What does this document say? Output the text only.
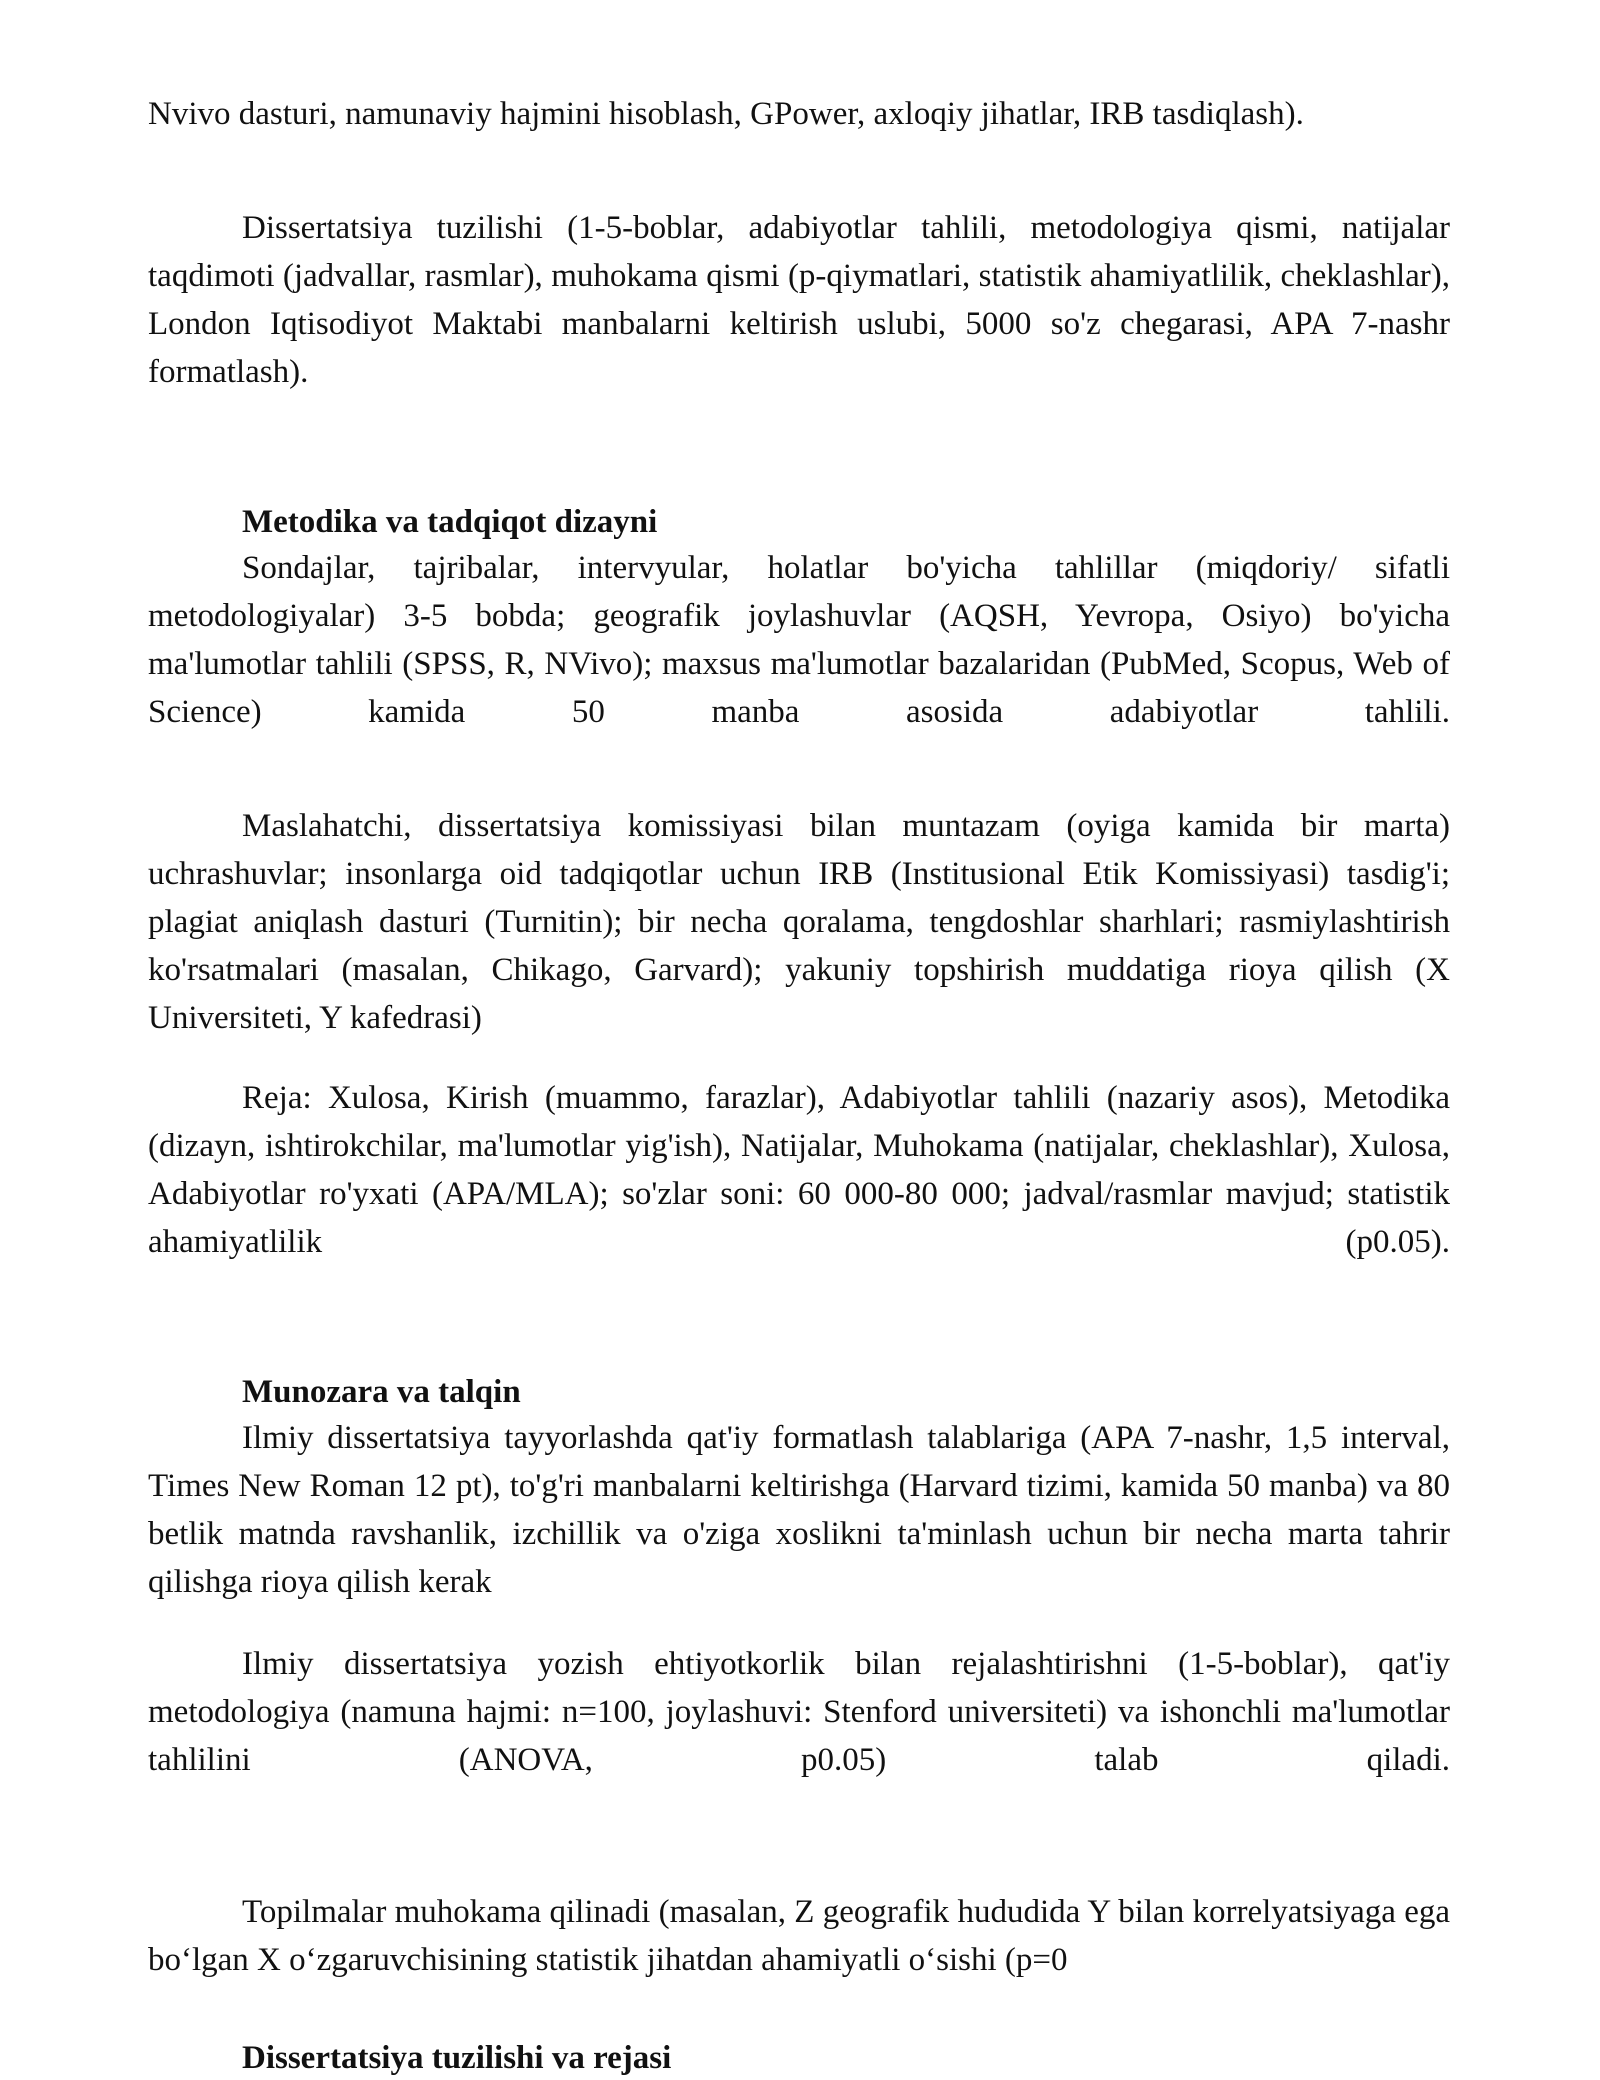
Nvivo dasturi, namunaviy hajmini hisoblash, GPower, axloqiy jihatlar, IRB tasdiqlash).

Dissertatsiya tuzilishi (1-5-boblar, adabiyotlar tahlili, metodologiya qismi, natijalar taqdimoti (jadvallar, rasmlar), muhokama qismi (p-qiymatlari, statistik ahamiyatlilik, cheklashlar), London Iqtisodiyot Maktabi manbalarni keltirish uslubi, 5000 so'z chegarasi, APA 7-nashr formatlash).

Metodika va tadqiqot dizayni

Sondajlar, tajribalar, intervyular, holatlar bo'yicha tahlillar (miqdoriy/ sifatli metodologiyalar) 3-5 bobda; geografik joylashuvlar (AQSH, Yevropa, Osiyo) bo'yicha ma'lumotlar tahlili (SPSS, R, NVivo); maxsus ma'lumotlar bazalaridan (PubMed, Scopus, Web of Science) kamida 50 manba asosida adabiyotlar tahlili.

Maslahatchi, dissertatsiya komissiyasi bilan muntazam (oyiga kamida bir marta) uchrashuvlar; insonlarga oid tadqiqotlar uchun IRB (Institusional Etik Komissiyasi) tasdig'i; plagiat aniqlash dasturi (Turnitin); bir necha qoralama, tengdoshlar sharhlari; rasmiylashtirish ko'rsatmalari (masalan, Chikago, Garvard); yakuniy topshirish muddatiga rioya qilish (X Universiteti, Y kafedrasi)

Reja: Xulosa, Kirish (muammo, farazlar), Adabiyotlar tahlili (nazariy asos), Metodika (dizayn, ishtirokchilar, ma'lumotlar yig'ish), Natijalar, Muhokama (natijalar, cheklashlar), Xulosa, Adabiyotlar ro'yxati (APA/MLA); so'zlar soni: 60 000-80 000; jadval/rasmlar mavjud; statistik ahamiyatlilik (p0.05).

Munozara va talqin

Ilmiy dissertatsiya tayyorlashda qat'iy formatlash talablariga (APA 7-nashr, 1,5 interval, Times New Roman 12 pt), to'g'ri manbalarni keltirishga (Harvard tizimi, kamida 50 manba) va 80 betlik matnda ravshanlik, izchillik va o'ziga xoslikni ta'minlash uchun bir necha marta tahrir qilishga rioya qilish kerak

Ilmiy dissertatsiya yozish ehtiyotkorlik bilan rejalashtirishni (1-5-boblar), qat'iy metodologiya (namuna hajmi: n=100, joylashuvi: Stenford universiteti) va ishonchli ma'lumotlar tahlilini (ANOVA, p0.05) talab qiladi.

Topilmalar muhokama qilinadi (masalan, Z geografik hududida Y bilan korrelyatsiyaga ega boʻlgan X oʻzgaruvchisining statistik jihatdan ahamiyatli oʻsishi (p=0

Dissertatsiya tuzilishi va rejasi
